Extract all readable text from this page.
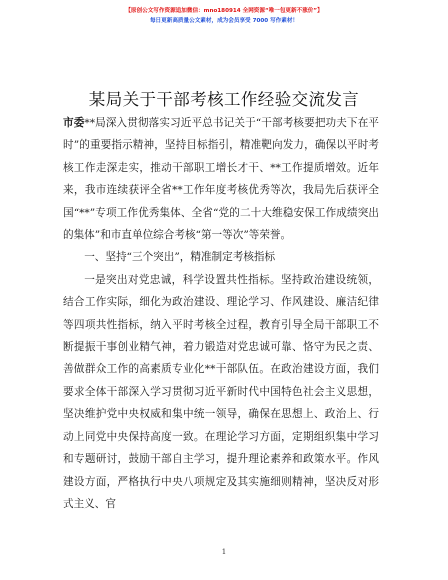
【原创公文写作资源追加微信：mno180914 全网资源“唯一包更新不涨价”】
每日更新高质量公文素材，成为会员享受 7000 写作素材！
某局关于干部考核工作经验交流发言

市委**局深入贯彻落实习近平总书记关于“干部考核要把功夫下在平时”的重要指示精神，坚持目标指引，精准靶向发力，确保以平时考核工作走深走实，推动干部职工增长才干、**工作提质增效。近年来，我市连续获评全省**工作年度考核优秀等次，我局先后获评全国“**”专项工作优秀集体、全省“党的二十大维稳安保工作成绩突出的集体”和市直单位综合考核“第一等次”等荣誉。

一、坚持“三个突出”，精准制定考核指标

一是突出对党忠诚，科学设置共性指标。坚持政治建设统领，结合工作实际，细化为政治建设、理论学习、作风建设、廉洁纪律等四项共性指标，纳入平时考核全过程，教育引导全局干部职工不断提振干事创业精气神，着力锻造对党忠诚可靠、恪守为民之责、善做群众工作的高素质专业化**干部队伍。在政治建设方面，我们要求全体干部深入学习贯彻习近平新时代中国特色社会主义思想，坚决维护党中央权威和集中统一领导，确保在思想上、政治上、行动上同党中央保持高度一致。在理论学习方面，定期组织集中学习和专题研讨，鼓励干部自主学习，提升理论素养和政策水平。作风建设方面，严格执行中央八项规定及其实施细则精神，坚决反对形式主义、官

1
